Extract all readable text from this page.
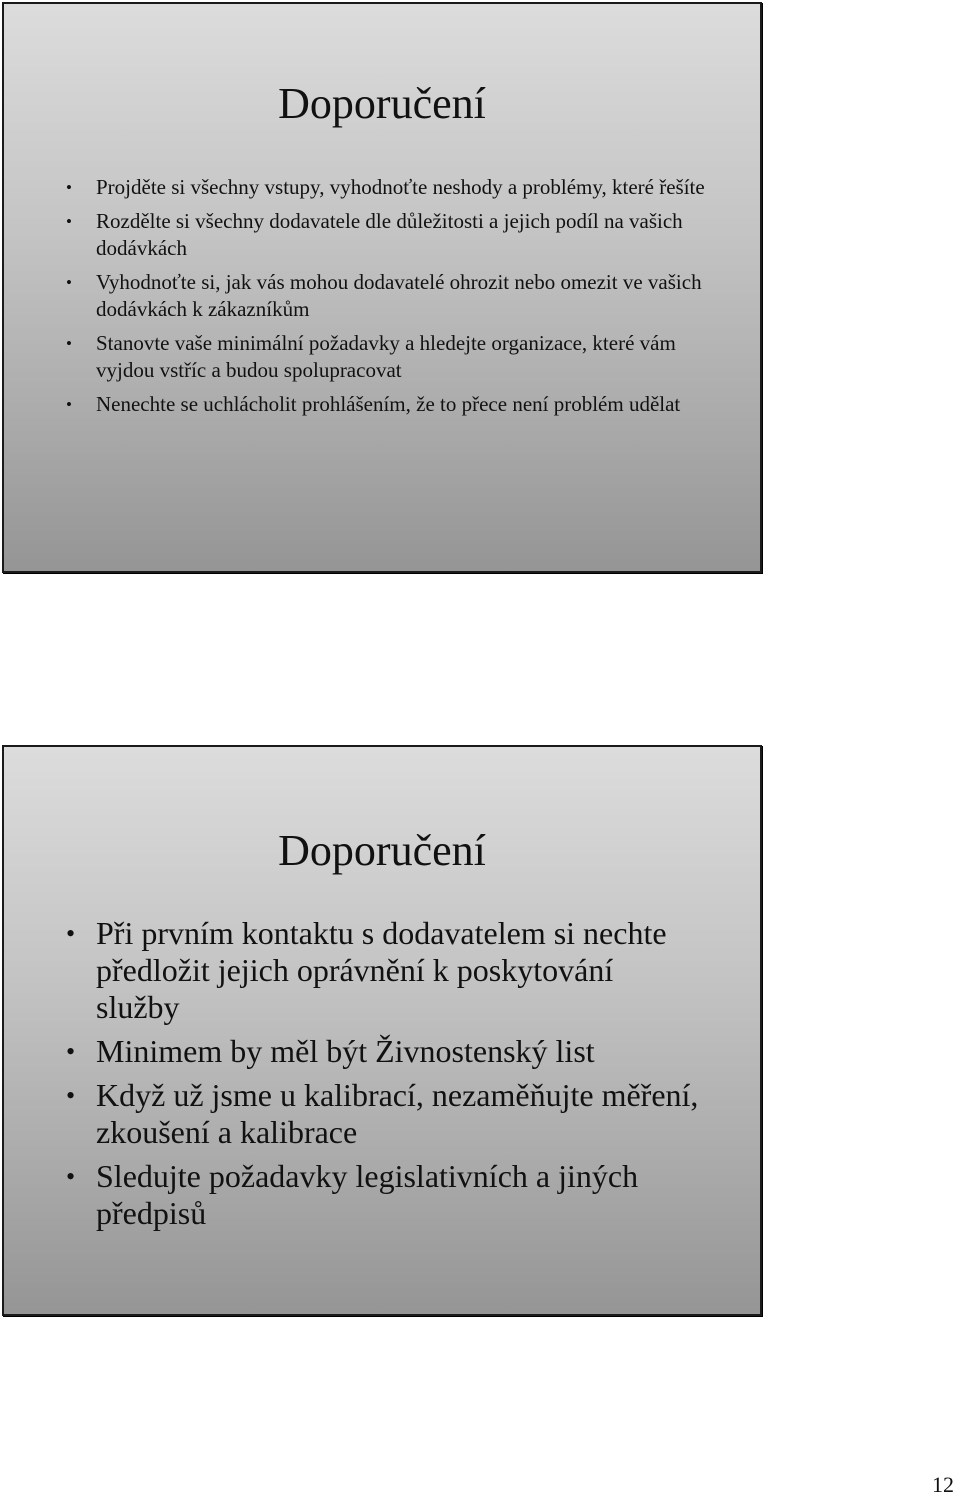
Doporučení
• Projděte si všechny vstupy, vyhodnoťte neshody a problémy, které řešíte
• Rozdělte si všechny dodavatele dle důležitosti a jejich podíl na vašich dodávkách
• Vyhodnoťte si, jak vás mohou dodavatelé ohrozit nebo omezit ve vašich dodávkách k zákazníkům
• Stanovte vaše minimální požadavky a hledejte organizace, které vám vyjdou vstříc a budou spolupracovat
• Nenechte se uchlácholit prohlášením, že to přece není problém udělat
Doporučení
• Při prvním kontaktu s dodavatelem si nechte předložit jejich oprávnění k poskytování služby
• Minimem by měl být Živnostenský list
• Když už jsme u kalibrací, nezaměňujte měření, zkoušení a kalibrace
• Sledujte požadavky legislativních a jiných předpisů
12
